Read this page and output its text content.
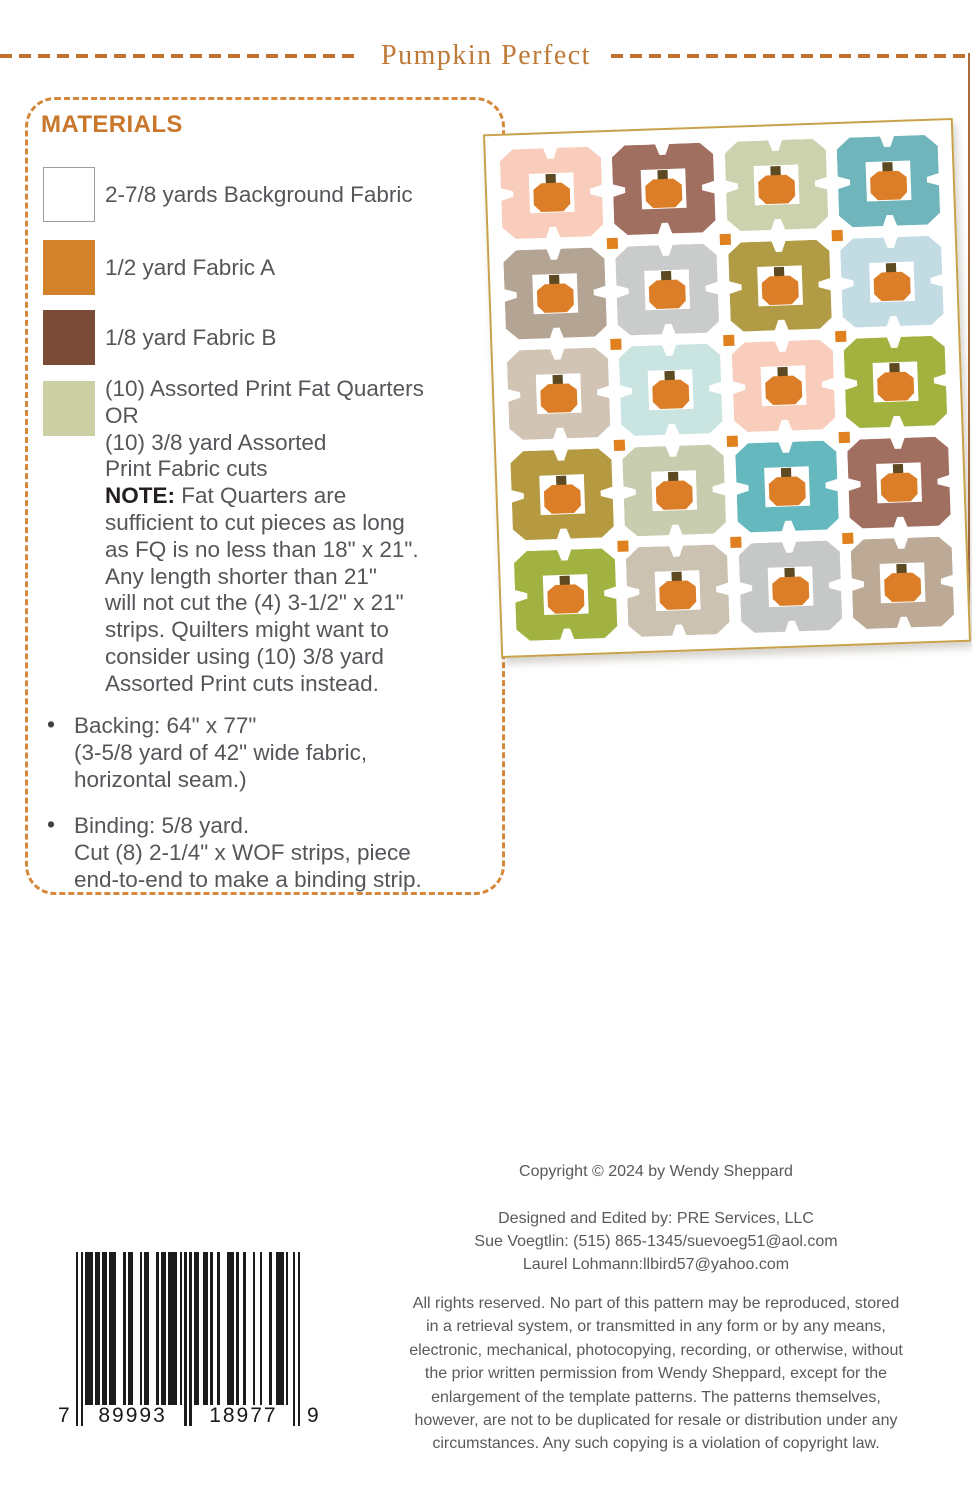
Pumpkin Perfect
MATERIALS
2-7/8 yards Background Fabric
1/2 yard Fabric A
1/8 yard Fabric B
(10) Assorted Print Fat Quarters
OR
(10) 3/8 yard Assorted
Print Fabric cuts
NOTE: Fat Quarters are
sufficient to cut pieces as long
as FQ is no less than 18" x 21".
Any length shorter than 21"
will not cut the (4) 3-1/2" x 21"
strips. Quilters might want to
consider using (10) 3/8 yard
Assorted Print cuts instead.
• Backing: 64" x 77"
(3-5/8 yard of 42" wide fabric,
horizontal seam.)
• Binding: 5/8 yard.
Cut (8) 2-1/4" x WOF strips, piece
end-to-end to make a binding strip.
Copyright © 2024 by Wendy Sheppard
Designed and Edited by: PRE Services, LLC
Sue Voegtlin: (515) 865-1345/suevoeg51@aol.com
Laurel Lohmann:llbird57@yahoo.com
All rights reserved. No part of this pattern may be reproduced, stored
in a retrieval system, or transmitted in any form or by any means,
electronic, mechanical, photocopying, recording, or otherwise, without
the prior written permission from Wendy Sheppard, except for the
enlargement of the template patterns. The patterns themselves,
however, are not to be duplicated for resale or distribution under any
circumstances. Any such copying is a violation of copyright law.
7	89993	18977	9
